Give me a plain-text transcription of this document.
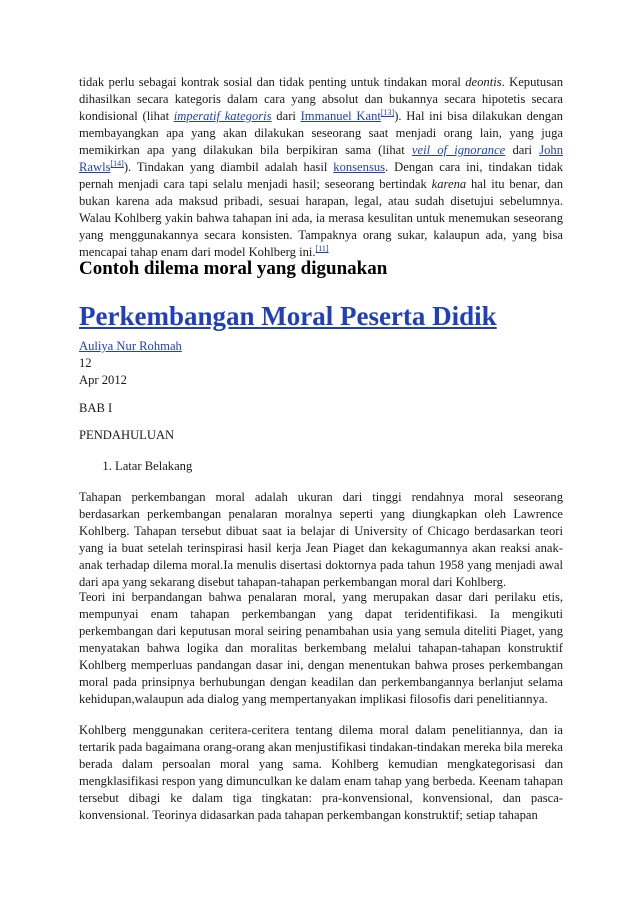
tidak perlu sebagai kontrak sosial dan tidak penting untuk tindakan moral deontis. Keputusan dihasilkan secara kategoris dalam cara yang absolut dan bukannya secara hipotetis secara kondisional (lihat imperatif kategoris dari Immanuel Kant[13]). Hal ini bisa dilakukan dengan membayangkan apa yang akan dilakukan seseorang saat menjadi orang lain, yang juga memikirkan apa yang dilakukan bila berpikiran sama (lihat veil of ignorance dari John Rawls[14]). Tindakan yang diambil adalah hasil konsensus. Dengan cara ini, tindakan tidak pernah menjadi cara tapi selalu menjadi hasil; seseorang bertindak karena hal itu benar, dan bukan karena ada maksud pribadi, sesuai harapan, legal, atau sudah disetujui sebelumnya. Walau Kohlberg yakin bahwa tahapan ini ada, ia merasa kesulitan untuk menemukan seseorang yang menggunakannya secara konsisten. Tampaknya orang sukar, kalaupun ada, yang bisa mencapai tahap enam dari model Kohlberg ini.[11]

Contoh dilema moral yang digunakan
Perkembangan Moral Peserta Didik
Auliya Nur Rohmah
12
Apr 2012
BAB I
PENDAHULUAN
1. Latar Belakang

Tahapan perkembangan moral adalah ukuran dari tinggi rendahnya moral seseorang berdasarkan perkembangan penalaran moralnya seperti yang diungkapkan oleh Lawrence Kohlberg. Tahapan tersebut dibuat saat ia belajar di University of Chicago berdasarkan teori yang ia buat setelah terinspirasi hasil kerja Jean Piaget dan kekagumannya akan reaksi anak-anak terhadap dilema moral.Ia menulis disertasi doktornya pada tahun 1958 yang menjadi awal dari apa yang sekarang disebut tahapan-tahapan perkembangan moral dari Kohlberg.

Teori ini berpandangan bahwa penalaran moral, yang merupakan dasar dari perilaku etis, mempunyai enam tahapan perkembangan yang dapat teridentifikasi. Ia mengikuti perkembangan dari keputusan moral seiring penambahan usia yang semula diteliti Piaget, yang menyatakan bahwa logika dan moralitas berkembang melalui tahapan-tahapan konstruktif Kohlberg memperluas pandangan dasar ini, dengan menentukan bahwa proses perkembangan moral pada prinsipnya berhubungan dengan keadilan dan perkembangannya berlanjut selama kehidupan,walaupun ada dialog yang mempertanyakan implikasi filosofis dari penelitiannya.

Kohlberg menggunakan ceritera-ceritera tentang dilema moral dalam penelitiannya, dan ia tertarik pada bagaimana orang-orang akan menjustifikasi tindakan-tindakan mereka bila mereka berada dalam persoalan moral yang sama. Kohlberg kemudian mengkategorisasi dan mengklasifikasi respon yang dimunculkan ke dalam enam tahap yang berbeda. Keenam tahapan tersebut dibagi ke dalam tiga tingkatan: pra-konvensional, konvensional, dan pasca-konvensional. Teorinya didasarkan pada tahapan perkembangan konstruktif; setiap tahapan
